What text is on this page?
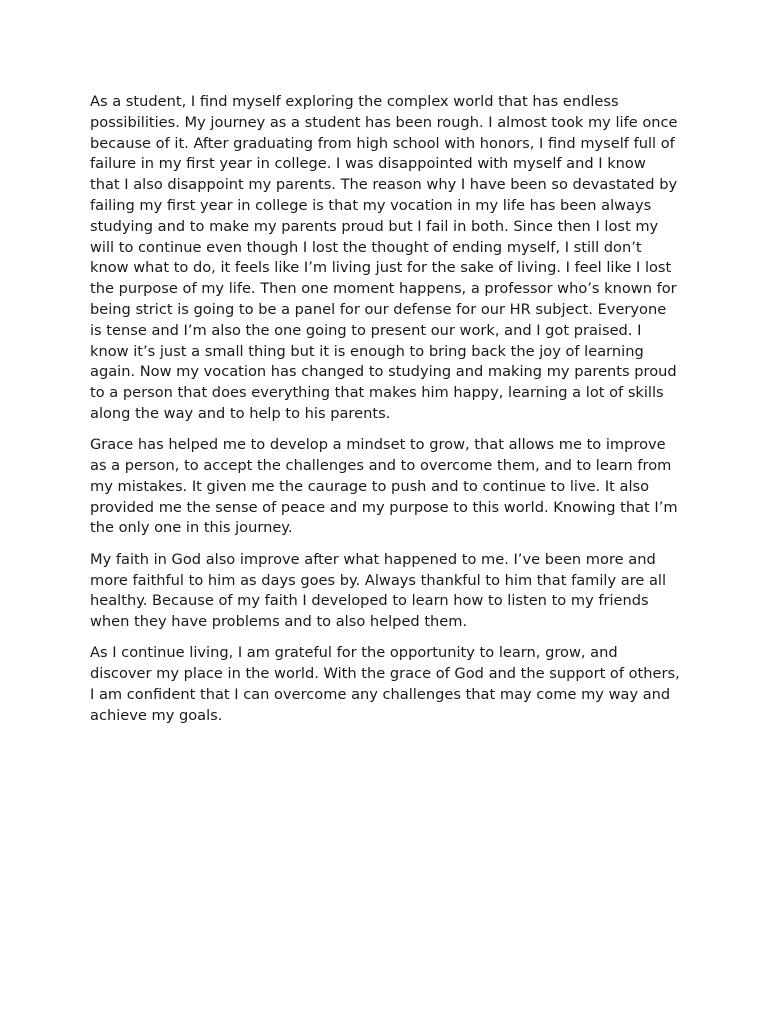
As a student, I find myself exploring the complex world that has endless possibilities. My journey as a student has been rough. I almost took my life once because of it. After graduating from high school with honors, I find myself full of failure in my first year in college. I was disappointed with myself and I know that I also disappoint my parents. The reason why I have been so devastated by failing my first year in college is that my vocation in my life has been always studying and to make my parents proud but I fail in both. Since then I lost my will to continue even though I lost the thought of ending myself, I still don’t know what to do, it feels like I’m living just for the sake of living. I feel like I lost the purpose of my life. Then one moment happens, a professor who’s known for being strict is going to be a panel for our defense for our HR subject. Everyone is tense and I’m also the one going to present our work, and I got praised. I know it’s just a small thing but it is enough to bring back the joy of learning again. Now my vocation has changed to studying and making my parents proud to a person that does everything that makes him happy, learning a lot of skills along the way and to help to his parents.

Grace has helped me to develop a mindset to grow, that allows me to improve as a person, to accept the challenges and to overcome them, and to learn from my mistakes. It given me the caurage to push and to continue to live. It also provided me the sense of peace and my purpose to this world. Knowing that I’m the only one in this journey.

My faith in God also improve after what happened to me. I’ve been more and more faithful to him as days goes by. Always thankful to him that family are all healthy. Because of my faith I developed to learn how to listen to my friends when they have problems and to also helped them.

As I continue living, I am grateful for the opportunity to learn, grow, and discover my place in the world. With the grace of God and the support of others, I am confident that I can overcome any challenges that may come my way and achieve my goals.
